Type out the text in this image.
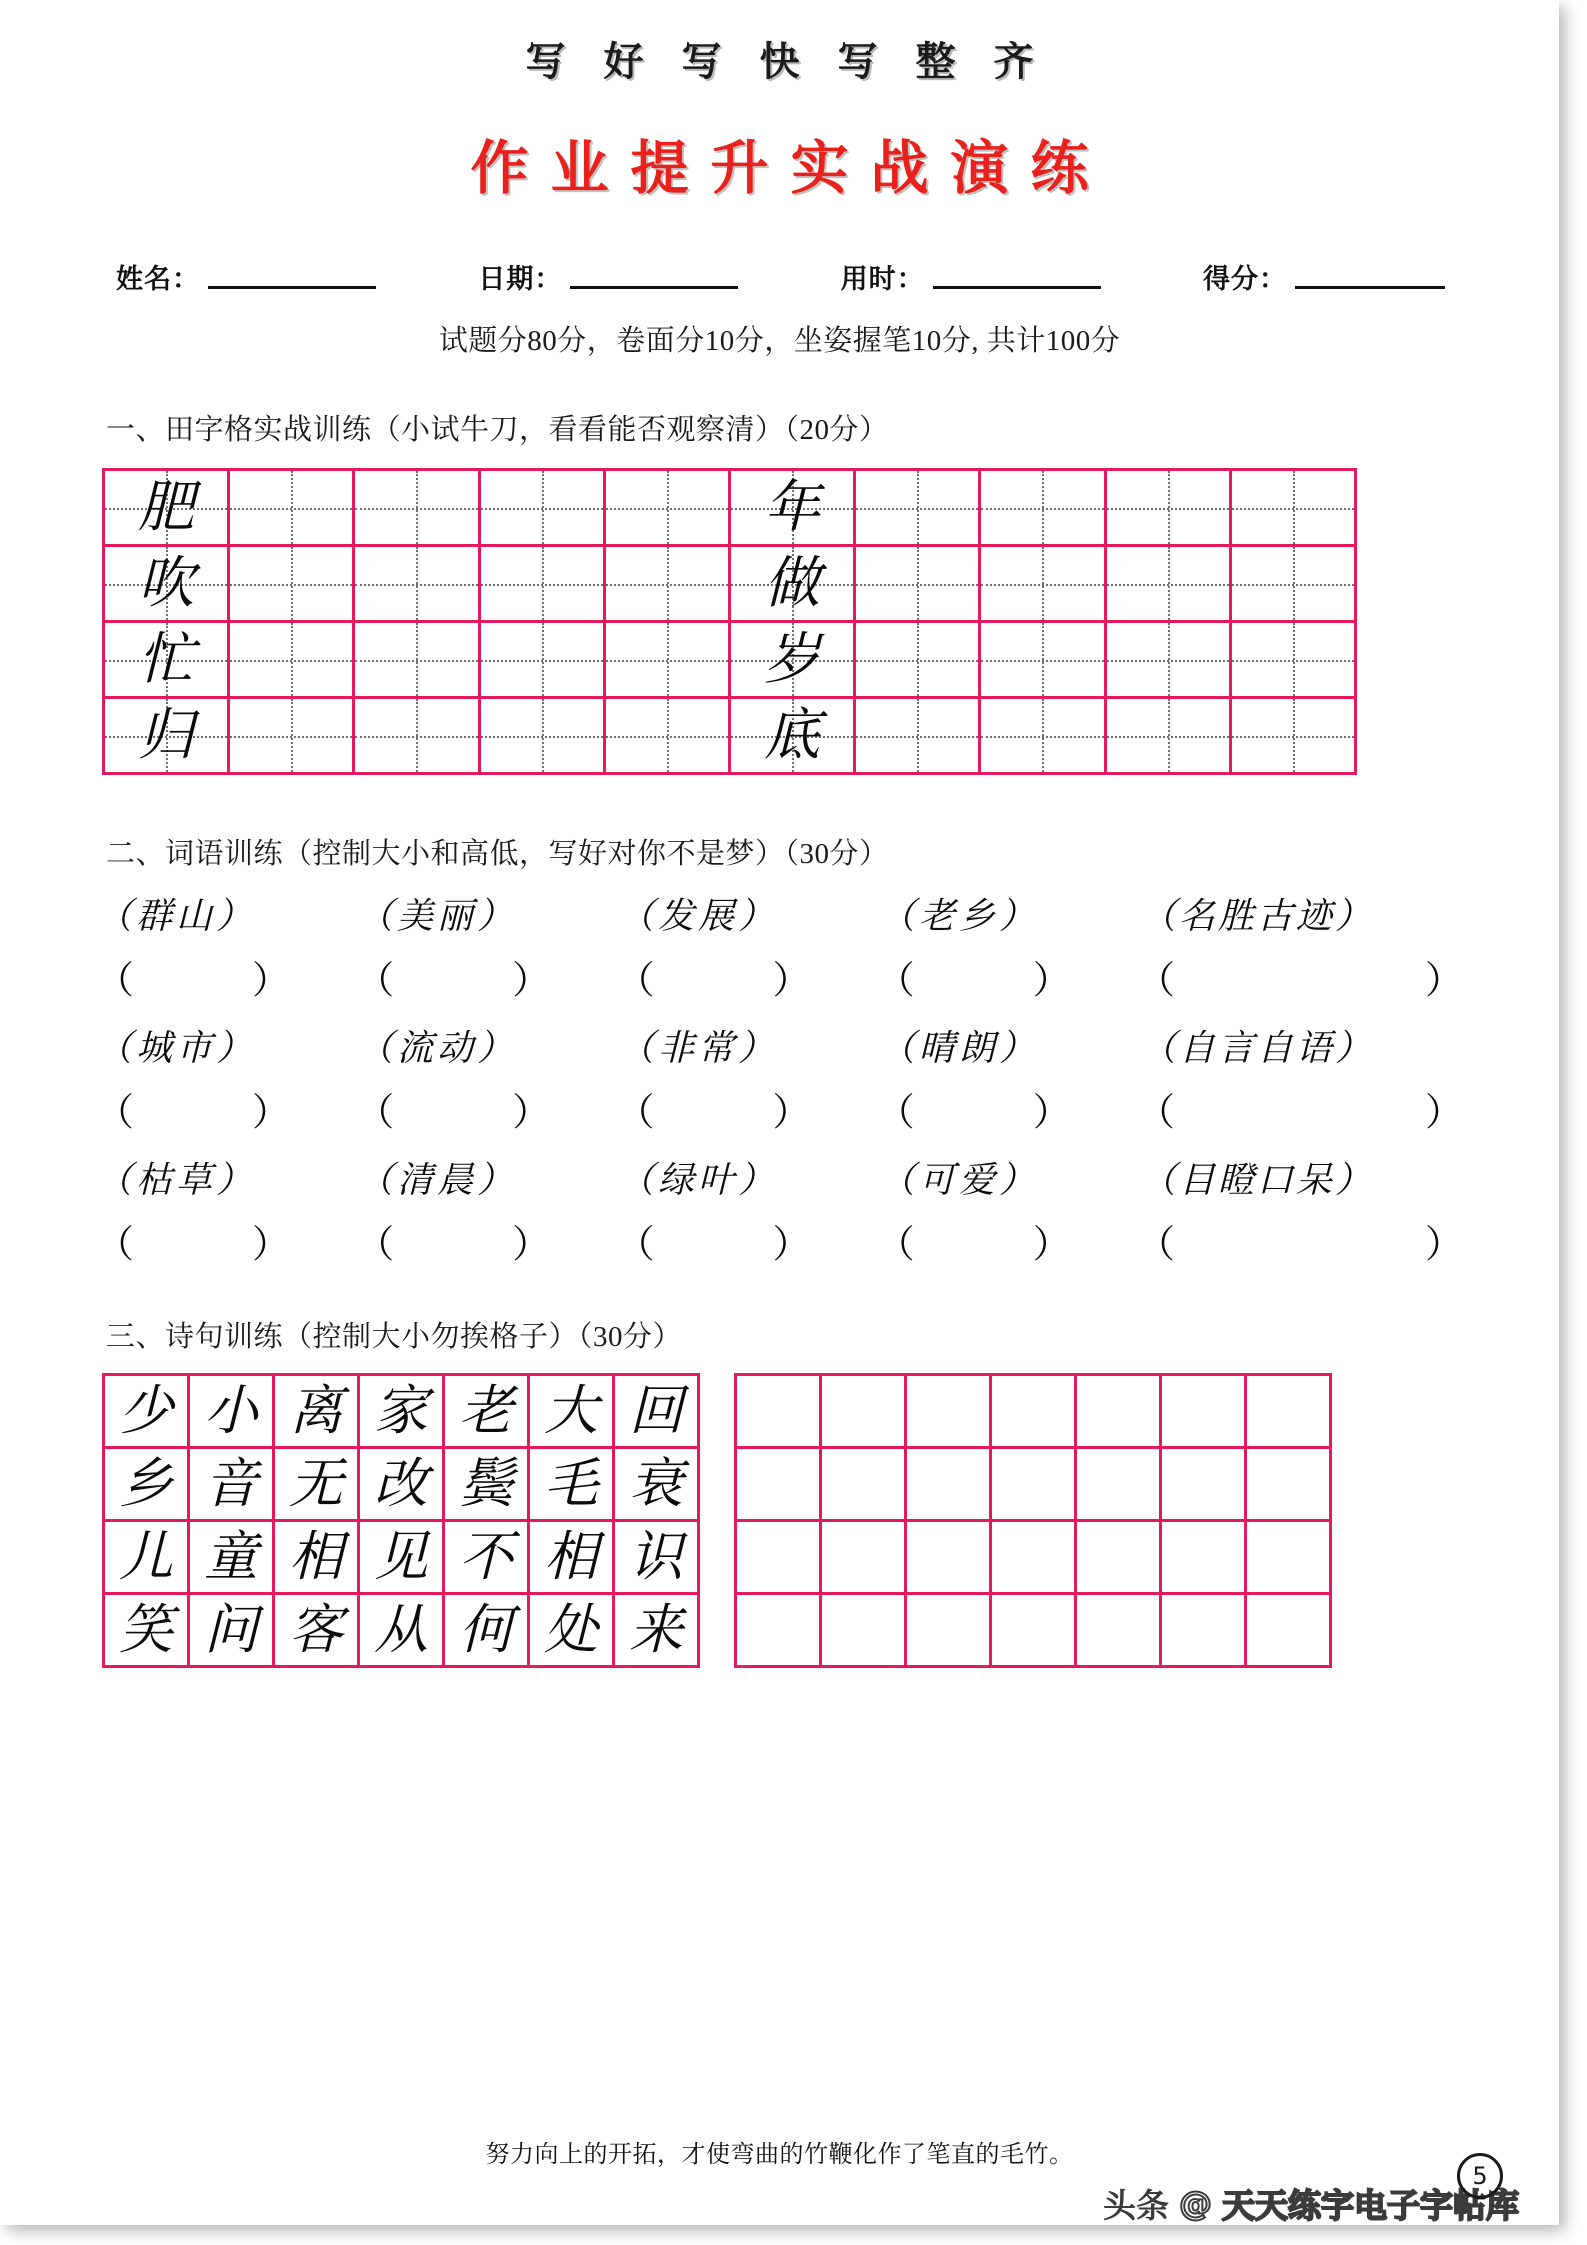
写好写快写整齐
作业提升实战演练
姓名：	日期：	用时：	得分：
试题分80分，卷面分10分，坐姿握笔10分, 共计100分
一、田字格实战训练（小试牛刀，看看能否观察清）（20分）
肥	年
吹	做
忙	岁
归	底
二、词语训练（控制大小和高低，写好对你不是梦）（30分）
（群山）	（美丽）	（发展）	（老乡）	（名胜古迹）
（	） （	） （	） （	） （	）
（城市）	（流动）	（非常）	（晴朗）	（自言自语）
（	） （	） （	） （	） （	）
（枯草）	（清晨）	（绿叶）	（可爱）	（目瞪口呆）
（	） （	） （	） （	） （	）
三、诗句训练（控制大小勿挨格子）（30分）
少 小 离 家 老 大 回
乡 音 无 改 鬓 毛 衰
儿 童 相 见 不 相 识
笑 问 客 从 何 处 来
努力向上的开拓，才使弯曲的竹鞭化作了笔直的毛竹。
头条 @ 天天练字电子字帖库
5
